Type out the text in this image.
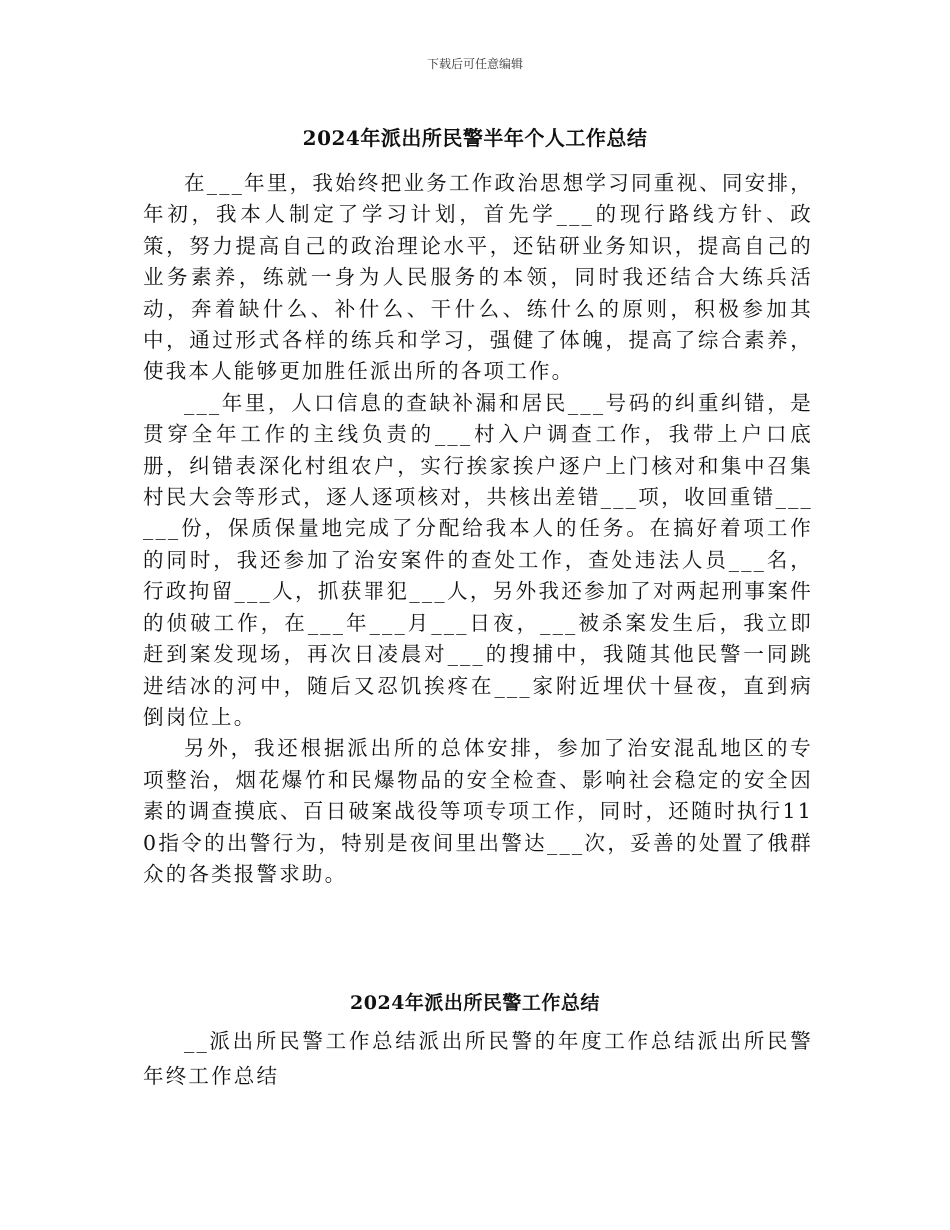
下载后可任意编辑
2024年派出所民警半年个人工作总结

在___年里，我始终把业务工作政治思想学习同重视、同安排，年初，我本人制定了学习计划，首先学___的现行路线方针、政策，努力提高自己的政治理论水平，还钻研业务知识，提高自己的业务素养，练就一身为人民服务的本领，同时我还结合大练兵活动，奔着缺什么、补什么、干什么、练什么的原则，积极参加其中，通过形式各样的练兵和学习，强健了体魄，提高了综合素养，使我本人能够更加胜任派出所的各项工作。

___年里，人口信息的查缺补漏和居民___号码的纠重纠错，是贯穿全年工作的主线负责的___村入户调查工作，我带上户口底册，纠错表深化村组农户，实行挨家挨户逐户上门核对和集中召集村民大会等形式，逐人逐项核对，共核出差错___项，收回重错______份，保质保量地完成了分配给我本人的任务。在搞好着项工作的同时，我还参加了治安案件的查处工作，查处违法人员___名，行政拘留___人，抓获罪犯___人，另外我还参加了对两起刑事案件的侦破工作，在___年___月___日夜，___被杀案发生后，我立即赶到案发现场，再次日凌晨对___的搜捕中，我随其他民警一同跳进结冰的河中，随后又忍饥挨疼在___家附近埋伏十昼夜，直到病倒岗位上。

另外，我还根据派出所的总体安排，参加了治安混乱地区的专项整治，烟花爆竹和民爆物品的安全检查、影响社会稳定的安全因素的调查摸底、百日破案战役等项专项工作，同时，还随时执行110指令的出警行为，特别是夜间里出警达___次，妥善的处置了俄群众的各类报警求助。

2024年派出所民警工作总结

__派出所民警工作总结派出所民警的年度工作总结派出所民警年终工作总结
